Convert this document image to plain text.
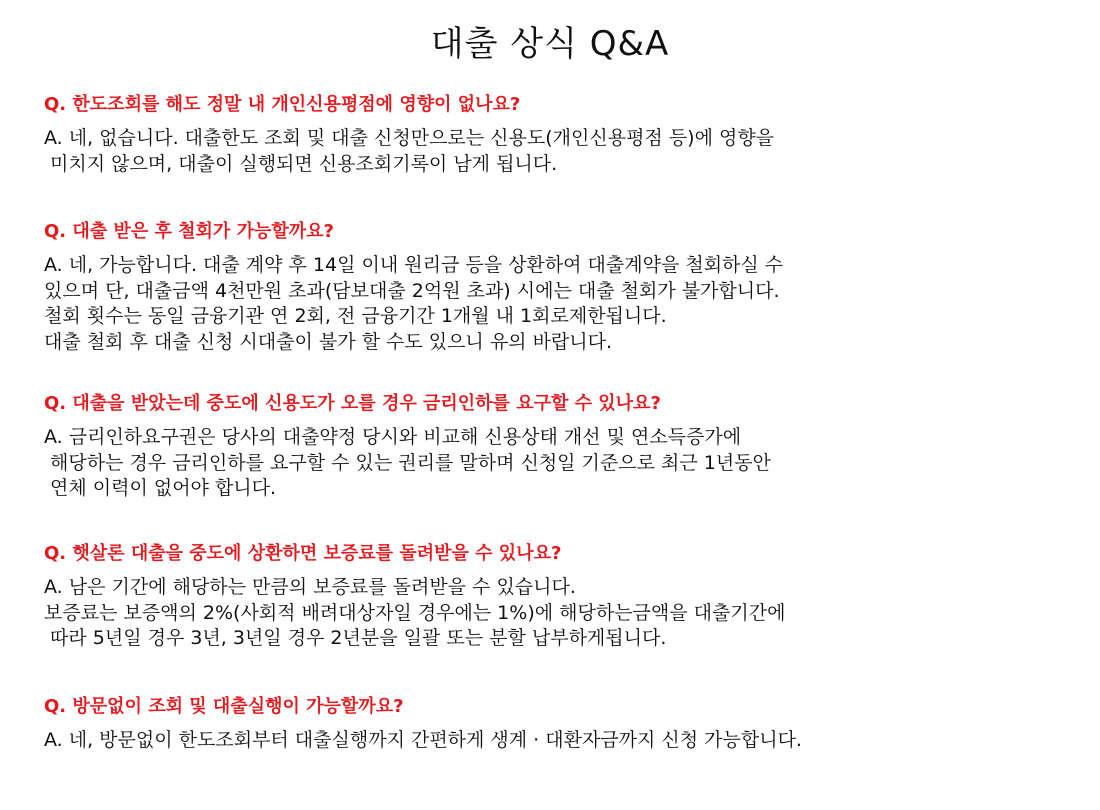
대출 상식 Q&A
Q. 한도조회를 해도 정말 내 개인신용평점에 영향이 없나요?
A. 네, 없습니다. 대출한도 조회 및 대출 신청만으로는 신용도(개인신용평점 등)에 영향을
미치지 않으며, 대출이 실행되면 신용조회기록이 남게 됩니다.
Q. 대출 받은 후 철회가 가능할까요?
A. 네, 가능합니다. 대출 계약 후 14일 이내 원리금 등을 상환하여 대출계약을 철회하실 수
있으며 단, 대출금액 4천만원 초과(담보대출 2억원 초과) 시에는 대출 철회가 불가합니다.
철회 횟수는 동일 금융기관 연 2회, 전 금융기간 1개월 내 1회로제한됩니다.
대출 철회 후 대출 신청 시대출이 불가 할 수도 있으니 유의 바랍니다.
Q. 대출을 받았는데 중도에 신용도가 오를 경우 금리인하를 요구할 수 있나요?
A. 금리인하요구권은 당사의 대출약정 당시와 비교해 신용상태 개선 및 연소득증가에
해당하는 경우 금리인하를 요구할 수 있는 권리를 말하며 신청일 기준으로 최근 1년동안
연체 이력이 없어야 합니다.
Q. 햇살론 대출을 중도에 상환하면 보증료를 돌려받을 수 있나요?
A. 남은 기간에 해당하는 만큼의 보증료를 돌려받을 수 있습니다.
보증료는 보증액의 2%(사회적 배려대상자일 경우에는 1%)에 해당하는금액을 대출기간에
따라 5년일 경우 3년, 3년일 경우 2년분을 일괄 또는 분할 납부하게됩니다.
Q. 방문없이 조회 및 대출실행이 가능할까요?
A. 네, 방문없이 한도조회부터 대출실행까지 간편하게 생계 · 대환자금까지 신청 가능합니다.
